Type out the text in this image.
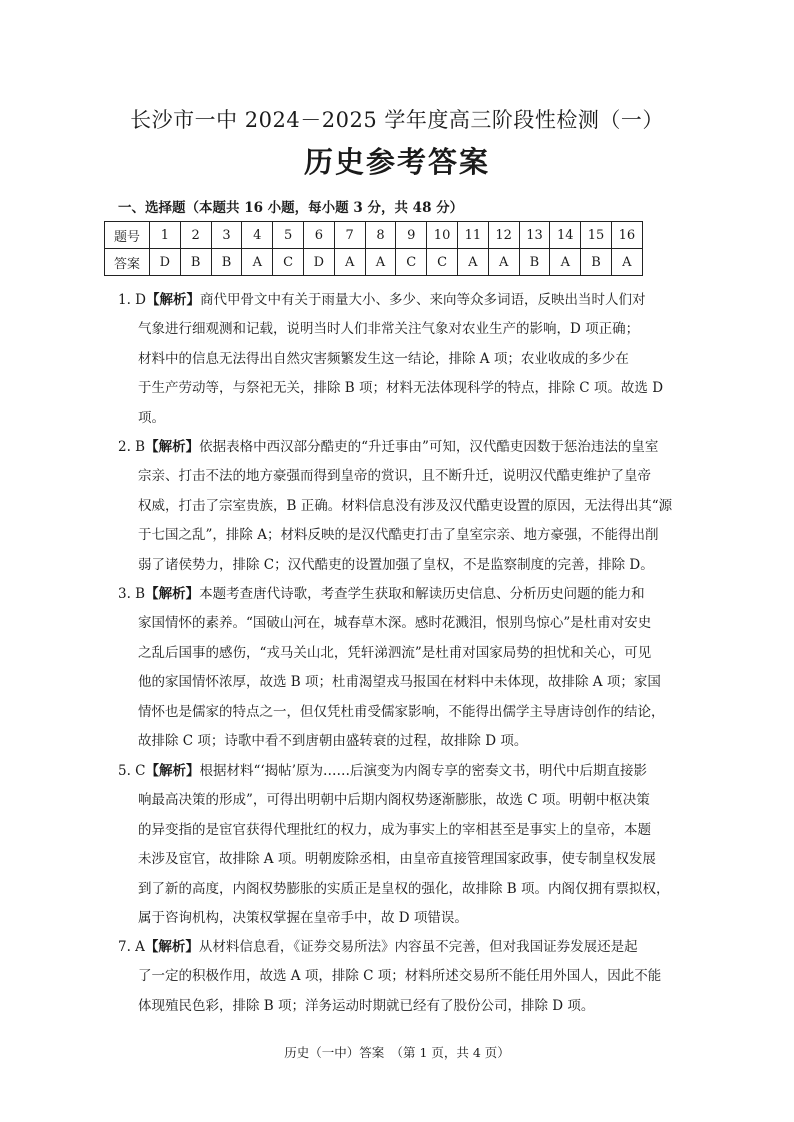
长沙市一中 2024－2025 学年度高三阶段性检测（一）
历史参考答案
一、选择题（本题共 16 小题，每小题 3 分，共 48 分）
题号	1	2	3	4	5	6	7	8	9	10	11	12	13	14	15	16
答案	D	B	B	A	C	D	A	A	C	C	A	A	B	A	B	A
1. D【解析】商代甲骨文中有关于雨量大小、多少、来向等众多词语，反映出当时人们对
气象进行细观测和记载，说明当时人们非常关注气象对农业生产的影响，D 项正确；
材料中的信息无法得出自然灾害频繁发生这一结论，排除 A 项；农业收成的多少在
于生产劳动等，与祭祀无关，排除 B 项；材料无法体现科学的特点，排除 C 项。故选 D
项。
2. B【解析】依据表格中西汉部分酷吏的“升迁事由”可知，汉代酷吏因数于惩治违法的皇室
宗亲、打击不法的地方豪强而得到皇帝的赏识，且不断升迁，说明汉代酷吏维护了皇帝
权威，打击了宗室贵族，B 正确。材料信息没有涉及汉代酷吏设置的原因，无法得出其“源
于七国之乱”，排除 A；材料反映的是汉代酷吏打击了皇室宗亲、地方豪强，不能得出削
弱了诸侯势力，排除 C；汉代酷吏的设置加强了皇权，不是监察制度的完善，排除 D。
3. B【解析】本题考查唐代诗歌，考查学生获取和解读历史信息、分析历史问题的能力和
家国情怀的素养。“国破山河在，城春草木深。感时花溅泪，恨别鸟惊心”是杜甫对安史
之乱后国事的感伤，“戎马关山北，凭轩涕泗流”是杜甫对国家局势的担忧和关心，可见
他的家国情怀浓厚，故选 B 项；杜甫渴望戎马报国在材料中未体现，故排除 A 项；家国
情怀也是儒家的特点之一，但仅凭杜甫受儒家影响，不能得出儒学主导唐诗创作的结论，
故排除 C 项；诗歌中看不到唐朝由盛转衰的过程，故排除 D 项。
5. C【解析】根据材料“‘揭帖’原为……后演变为内阁专享的密奏文书，明代中后期直接影
响最高决策的形成”，可得出明朝中后期内阁权势逐渐膨胀，故选 C 项。明朝中枢决策
的异变指的是宦官获得代理批红的权力，成为事实上的宰相甚至是事实上的皇帝，本题
未涉及宦官，故排除 A 项。明朝废除丞相，由皇帝直接管理国家政事，使专制皇权发展
到了新的高度，内阁权势膨胀的实质正是皇权的强化，故排除 B 项。内阁仅拥有票拟权，
属于咨询机构，决策权掌握在皇帝手中，故 D 项错误。
7. A【解析】从材料信息看，《证券交易所法》内容虽不完善，但对我国证券发展还是起
了一定的积极作用，故选 A 项，排除 C 项；材料所述交易所不能任用外国人，因此不能
体现殖民色彩，排除 B 项；洋务运动时期就已经有了股份公司，排除 D 项。
历史（一中）答案　（第 1 页，共 4 页）
